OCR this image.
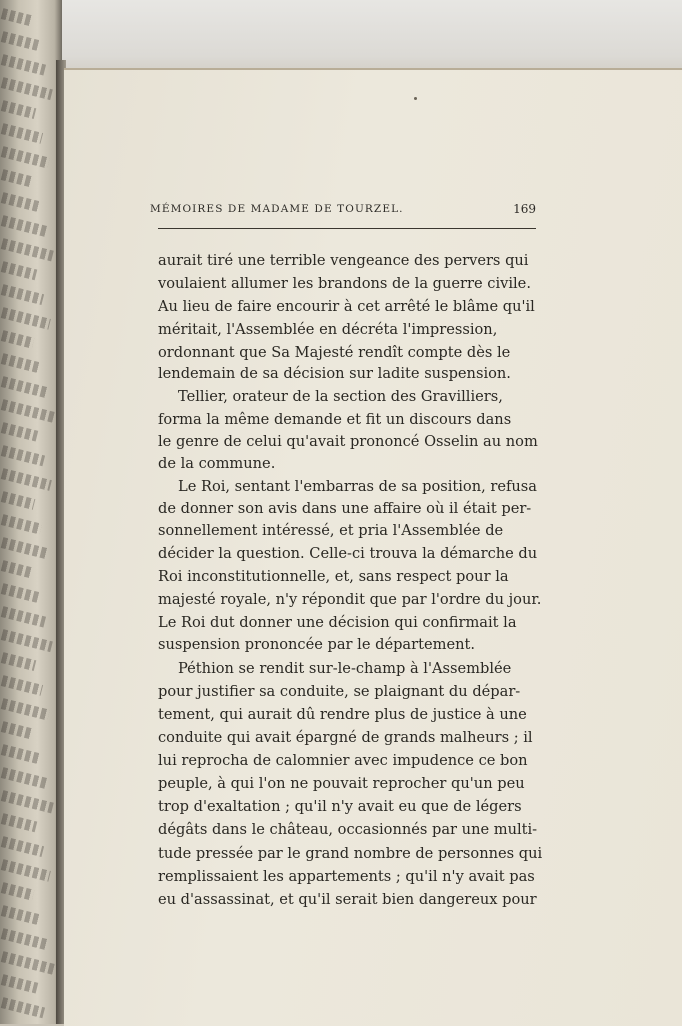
MÉMOIRES DE MADAME DE TOURZEL.	169
aurait tiré une terrible vengeance des pervers qui
voulaient allumer les brandons de la guerre civile.
Au lieu de faire encourir à cet arrêté le blâme qu'il
méritait, l'Assemblée en décréta l'impression,
ordonnant que Sa Majesté rendît compte dès le
lendemain de sa décision sur ladite suspension.
Tellier, orateur de la section des Gravilliers,
forma la même demande et fit un discours dans
le genre de celui qu'avait prononcé Osselin au nom
de la commune.
Le Roi, sentant l'embarras de sa position, refusa
de donner son avis dans une affaire où il était per-
sonnellement intéressé, et pria l'Assemblée de
décider la question. Celle-ci trouva la démarche du
Roi inconstitutionnelle, et, sans respect pour la
majesté royale, n'y répondit que par l'ordre du jour.
Le Roi dut donner une décision qui confirmait la
suspension prononcée par le département.
Péthion se rendit sur-le-champ à l'Assemblée
pour justifier sa conduite, se plaignant du dépar-
tement, qui aurait dû rendre plus de justice à une
conduite qui avait épargné de grands malheurs ; il
lui reprocha de calomnier avec impudence ce bon
peuple, à qui l'on ne pouvait reprocher qu'un peu
trop d'exaltation ; qu'il n'y avait eu que de légers
dégâts dans le château, occasionnés par une multi-
tude pressée par le grand nombre de personnes qui
remplissaient les appartements ; qu'il n'y avait pas
eu d'assassinat, et qu'il serait bien dangereux pour
